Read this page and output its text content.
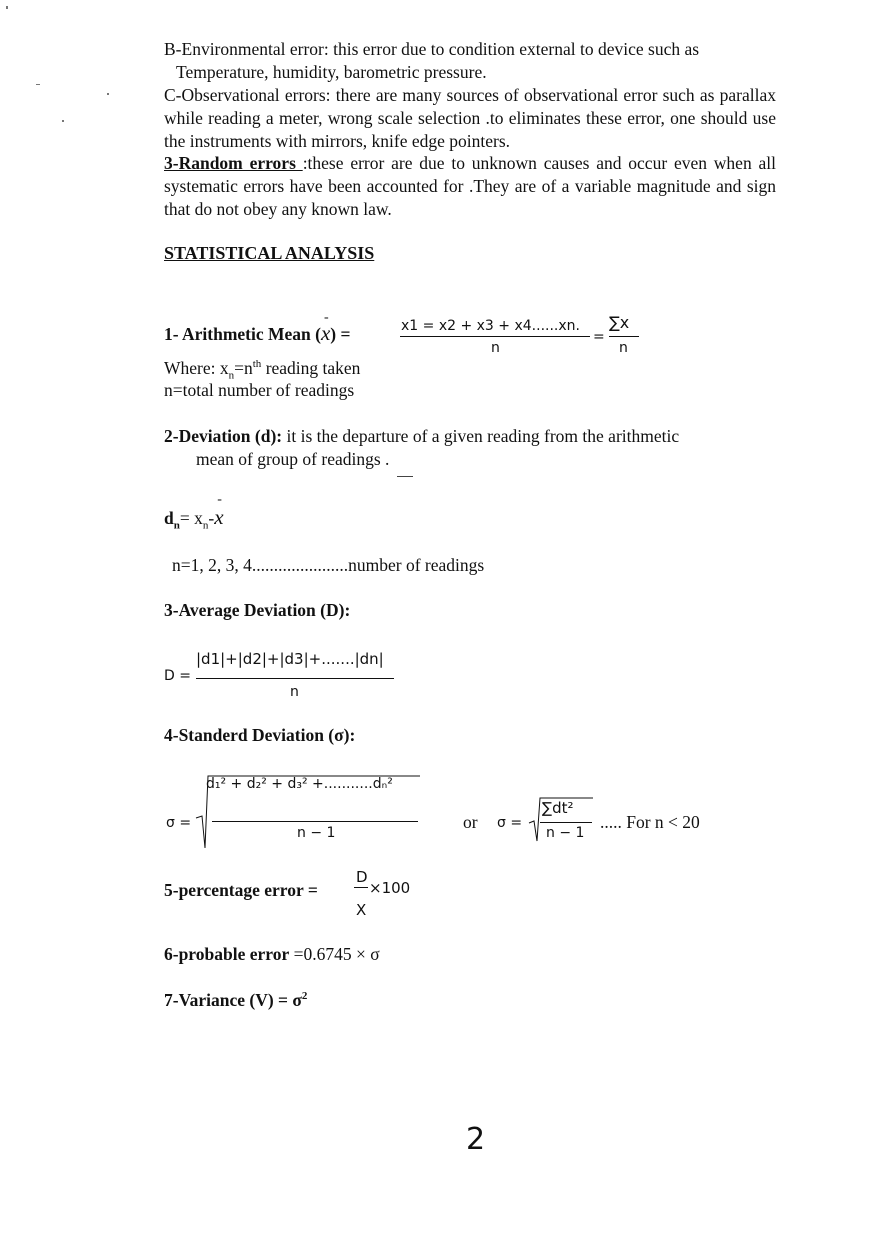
B-Environmental error: this error due to condition external to device such as
Temperature, humidity, barometric pressure.
C-Observational errors: there are many sources of observational error such as parallax while reading a meter, wrong scale selection .to eliminates these error, one should use the instruments with mirrors, knife edge pointers.
3-Random errors :these error are due to unknown causes and occur even when all systematic errors have been accounted for .They are of a variable magnitude and sign that do not obey any known law.
STATISTICAL ANALYSIS
1- Arithmetic Mean (
-
x) =	x1 = x2 + x3 + x4......xn.
n
=
∑x
n
Where: $x_n=n^{th}$ reading taken
n=total number of readings
2-Deviation (d): it is the departure of a given reading from the arithmetic
mean of group of readings .
$d_n= x_n-$
-
x
n=1, 2, 3, 4......................number of readings
3-Average Deviation (D):
D =
|d1|+|d2|+|d3|+.......|dn|
n
4-Standerd Deviation (σ):
σ =
d₁² + d₂² + d₃² +...........dₙ²
n − 1
or σ =
∑dt²
n − 1
..... For n < 20
5-percentage error =
D
×100
X
6-probable error =0.6745 × σ
7-Variance $(V) = \sigma^2$
2
